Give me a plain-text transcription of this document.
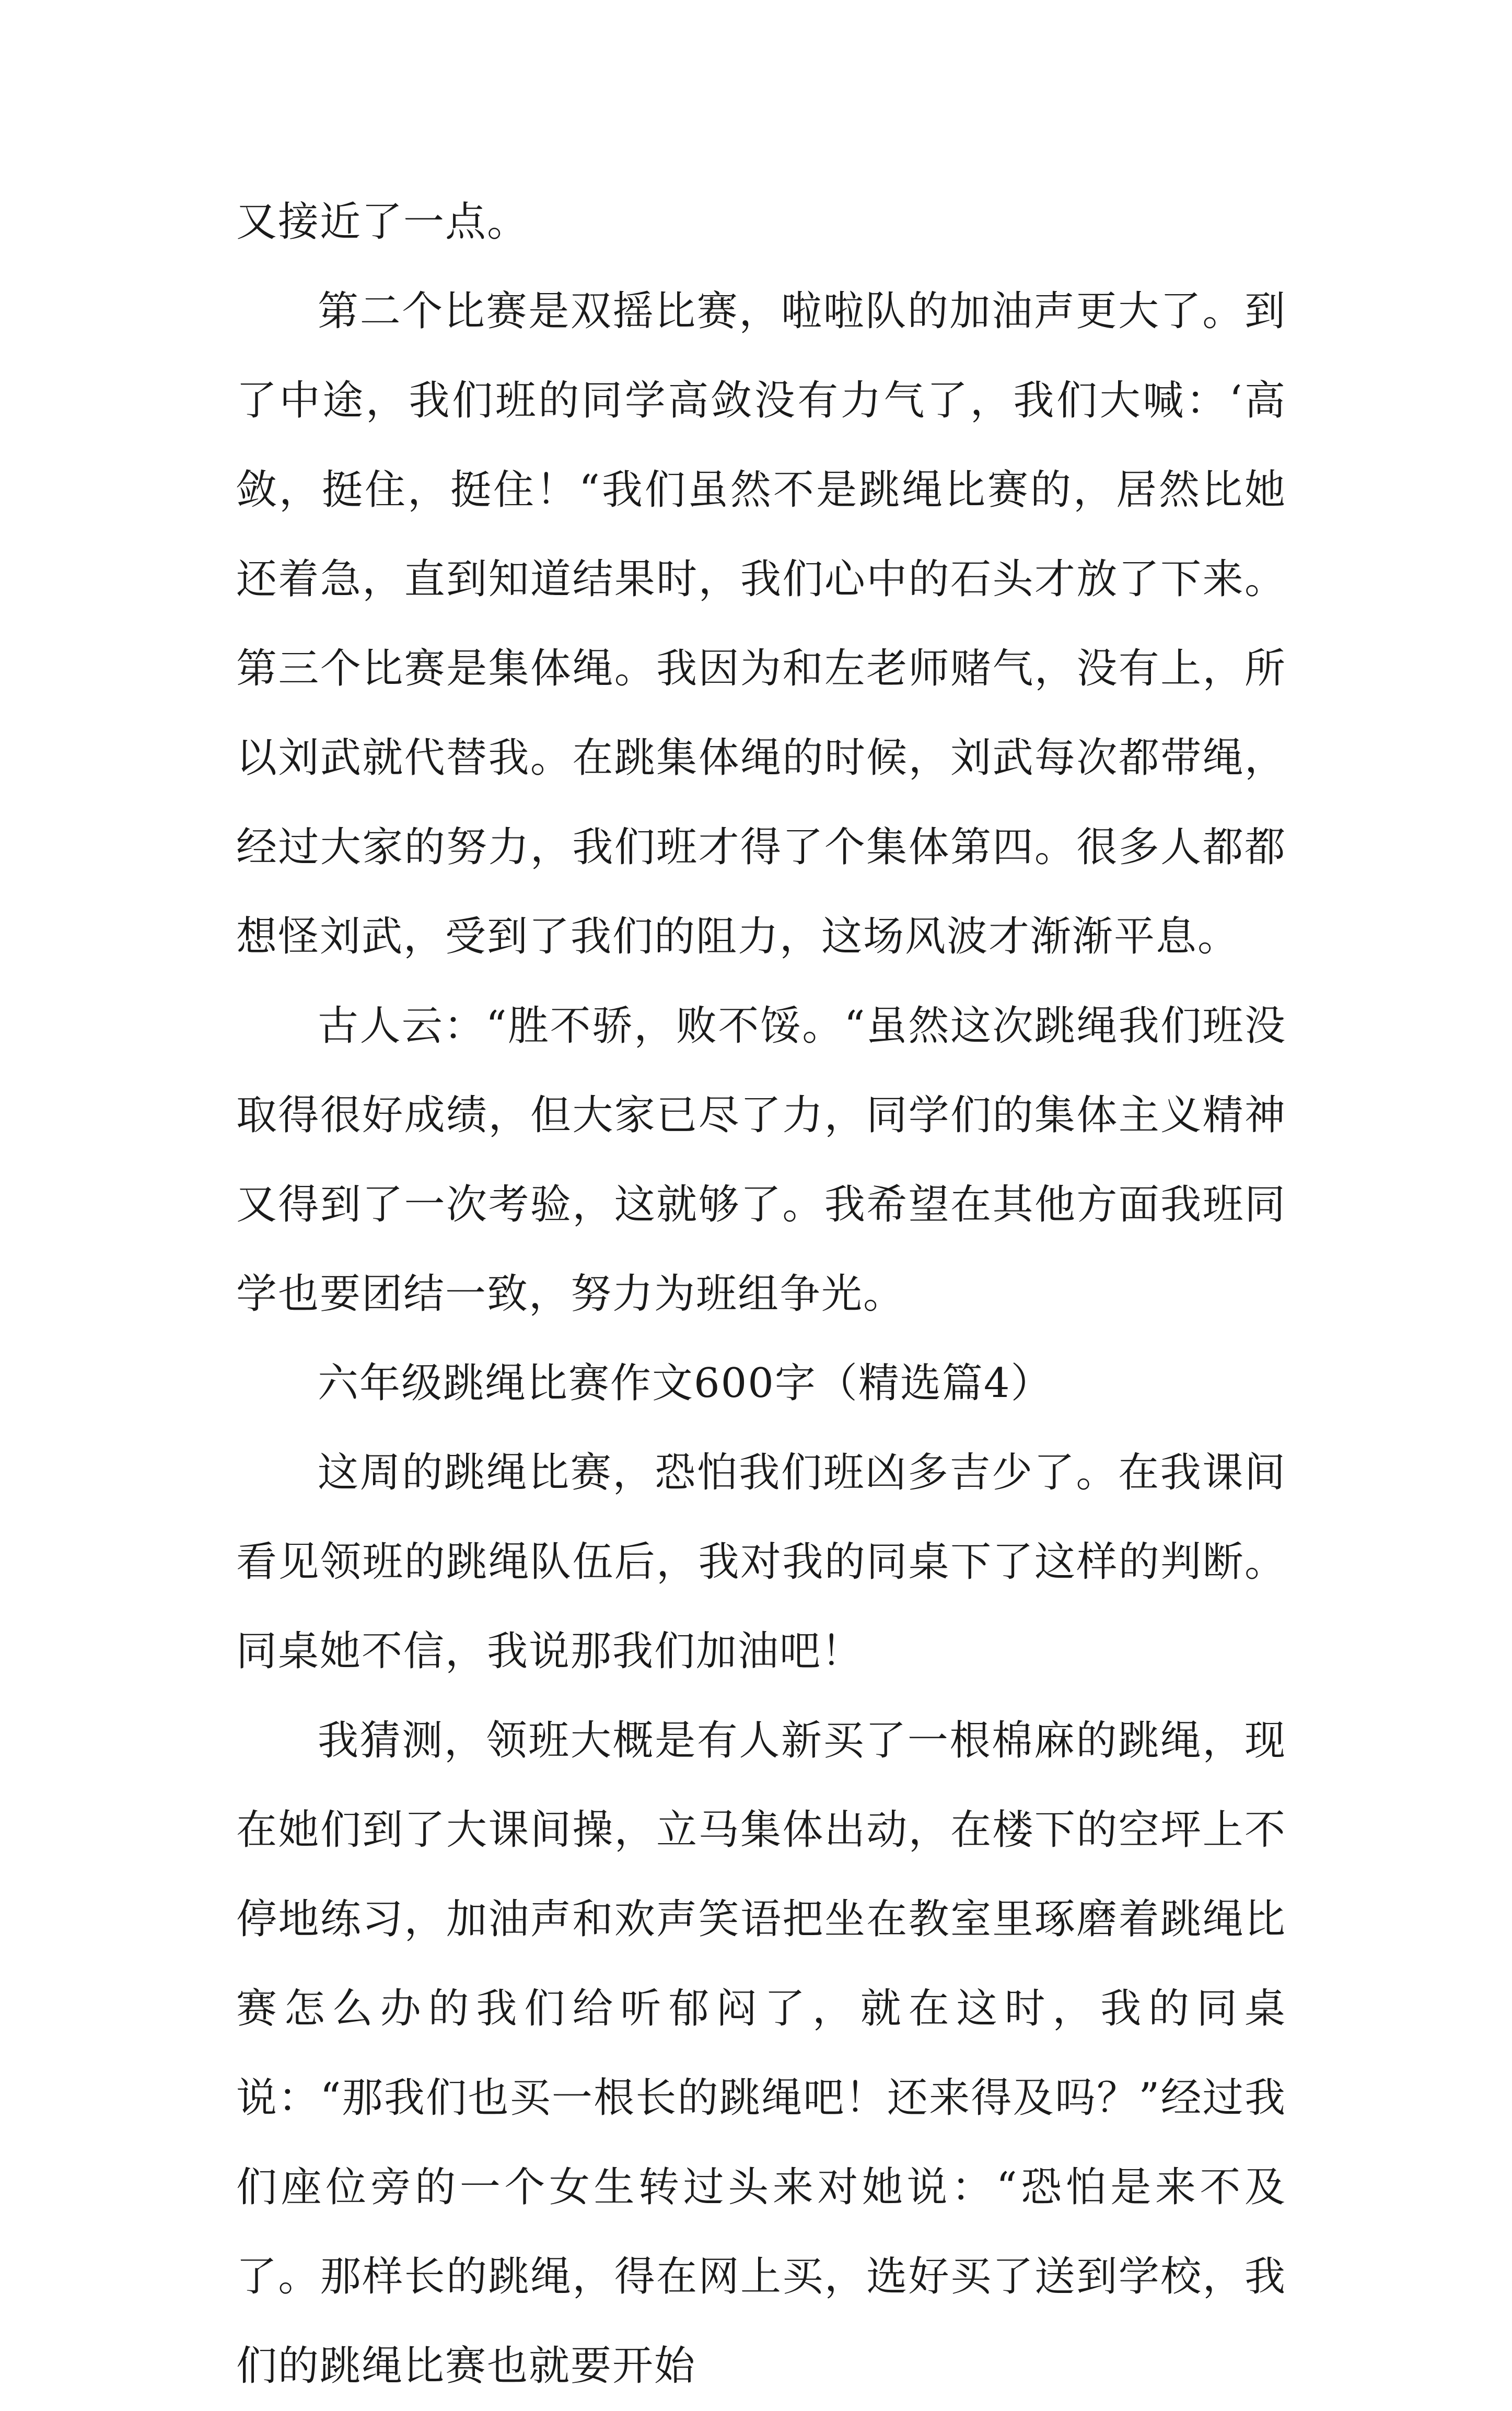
又接近了一点。

第二个比赛是双摇比赛，啦啦队的加油声更大了。到了中途，我们班的同学高敛没有力气了，我们大喊：‘高敛，挺住，挺住！“我们虽然不是跳绳比赛的，居然比她还着急，直到知道结果时，我们心中的石头才放了下来。第三个比赛是集体绳。我因为和左老师赌气，没有上，所以刘武就代替我。在跳集体绳的时候，刘武每次都带绳，经过大家的努力，我们班才得了个集体第四。很多人都都想怪刘武，受到了我们的阻力，这场风波才渐渐平息。

古人云：“胜不骄，败不馁。“虽然这次跳绳我们班没取得很好成绩，但大家已尽了力，同学们的集体主义精神又得到了一次考验，这就够了。我希望在其他方面我班同学也要团结一致，努力为班组争光。

六年级跳绳比赛作文600字（精选篇4）

这周的跳绳比赛，恐怕我们班凶多吉少了。在我课间看见领班的跳绳队伍后，我对我的同桌下了这样的判断。同桌她不信，我说那我们加油吧！

我猜测，领班大概是有人新买了一根棉麻的跳绳，现在她们到了大课间操，立马集体出动，在楼下的空坪上不停地练习，加油声和欢声笑语把坐在教室里琢磨着跳绳比赛怎么办的我们给听郁闷了，就在这时，我的同桌说：“那我们也买一根长的跳绳吧！还来得及吗？”经过我们座位旁的一个女生转过头来对她说：“恐怕是来不及了。那样长的跳绳，得在网上买，选好买了送到学校，我们的跳绳比赛也就要开始
